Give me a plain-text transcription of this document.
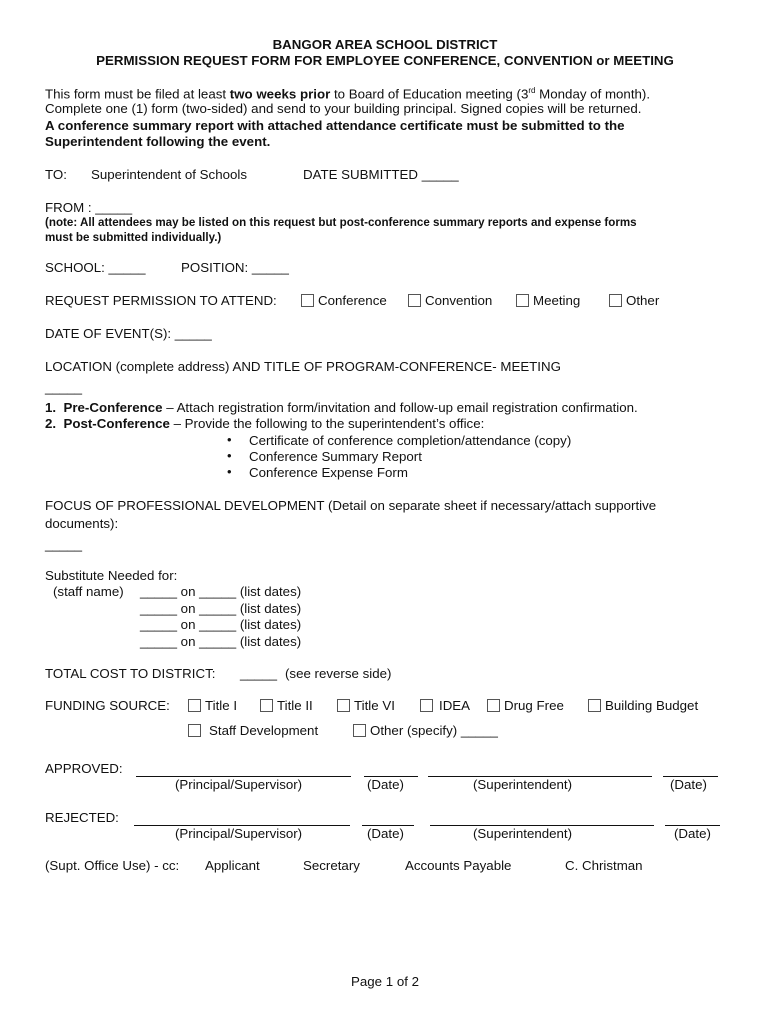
BANGOR AREA SCHOOL DISTRICT
PERMISSION REQUEST FORM FOR EMPLOYEE CONFERENCE, CONVENTION or MEETING
This form must be filed at least two weeks prior to Board of Education meeting (3rd Monday of month).
Complete one (1) form (two-sided) and send to your building principal. Signed copies will be returned.
A conference summary report with attached attendance certificate must be submitted to the
Superintendent following the event.
TO: Superintendent of Schools	DATE SUBMITTED _____
FROM : _____
(note: All attendees may be listed on this request but post-conference summary reports and expense forms
must be submitted individually.)
SCHOOL: _____	POSITION: _____
REQUEST PERMISSION TO ATTEND:	Conference	Convention	Meeting	Other
DATE OF EVENT(S): _____
LOCATION (complete address) AND TITLE OF PROGRAM-CONFERENCE- MEETING
_____
1. Pre-Conference – Attach registration form/invitation and follow-up email registration confirmation.
2. Post-Conference – Provide the following to the superintendent’s office:
• Certificate of conference completion/attendance (copy)
• Conference Summary Report
• Conference Expense Form
FOCUS OF PROFESSIONAL DEVELOPMENT (Detail on separate sheet if necessary/attach supportive
documents):
_____
Substitute Needed for:
(staff name) _____ on _____ (list dates)
_____ on _____ (list dates)
_____ on _____ (list dates)
_____ on _____ (list dates)
TOTAL COST TO DISTRICT: _____ (see reverse side)
FUNDING SOURCE:	Title I	Title II	Title VI	IDEA	Drug Free	Building Budget
Staff Development	Other (specify) _____
APPROVED:
(Principal/Supervisor)	(Date)	(Superintendent)	(Date)
REJECTED:
(Principal/Supervisor)	(Date)	(Superintendent)	(Date)
(Supt. Office Use) - cc: Applicant	Secretary	Accounts Payable	C. Christman
Page 1 of 2
